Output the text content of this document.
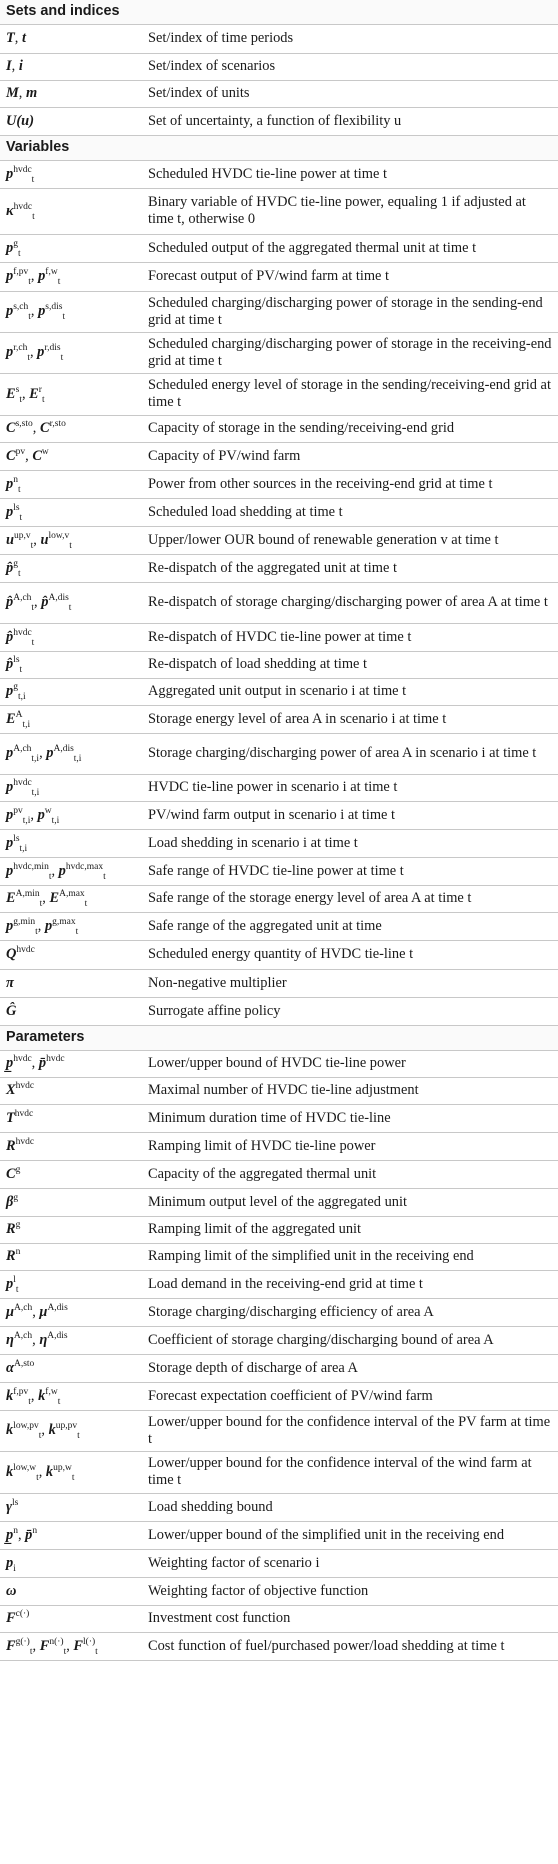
Sets and indices	
T, t	Set/index of time periods
I, i	Set/index of scenarios
M, m	Set/index of units
U(u)	Set of uncertainty, a function of flexibility u
Variables	
$p^{hvdc}_t$	Scheduled HVDC tie-line power at time t
$\kappa^{hvdc}_t$	Binary variable of HVDC tie-line power, equaling 1 if adjusted at time t, otherwise 0
$p^g_t$	Scheduled output of the aggregated thermal unit at time t
$p^{f,pv}_t$, $p^{f,w}_t$	Forecast output of PV/wind farm at time t
$p^{s,ch}_t$, $p^{s,dis}_t$	Scheduled charging/discharging power of storage in the sending-end grid at time t
$p^{r,ch}_t$, $p^{r,dis}_t$	Scheduled charging/discharging power of storage in the receiving-end grid at time t
$E^s_t$, $E^r_t$	Scheduled energy level of storage in the sending/receiving-end grid at time t
$C^{s,sto}$, $C^{r,sto}$	Capacity of storage in the sending/receiving-end grid
$C^{pv}$, $C^w$	Capacity of PV/wind farm
$p^n_t$	Power from other sources in the receiving-end grid at time t
$p^{ls}_t$	Scheduled load shedding at time t
$u^{up,v}_t$, $u^{low,v}_t$	Upper/lower OUR bound of renewable generation v at time t
p̂$^g_t$	Re-dispatch of the aggregated unit at time t
p̂$^{A,ch}_t$, p̂$^{A,dis}_t$	Re-dispatch of storage charging/discharging power of area A at time t
p̂$^{hvdc}_t$	Re-dispatch of HVDC tie-line power at time t
p̂$^{ls}_t$	Re-dispatch of load shedding at time t
$p^g_{t,i}$	Aggregated unit output in scenario i at time t
$E^A_{t,i}$	Storage energy level of area A in scenario i at time t
$p^{A,ch}_{t,i}$, $p^{A,dis}_{t,i}$	Storage charging/discharging power of area A in scenario i at time t
$p^{hvdc}_{t,i}$	HVDC tie-line power in scenario i at time t
$p^{pv}_{t,i}$, $p^w_{t,i}$	PV/wind farm output in scenario i at time t
$p^{ls}_{t,i}$	Load shedding in scenario i at time t
$p^{hvdc,min}_t$, $p^{hvdc,max}_t$	Safe range of HVDC tie-line power at time t
$E^{A,min}_t$, $E^{A,max}_t$	Safe range of the storage energy level of area A at time t
$p^{g,min}_t$, $p^{g,max}_t$	Safe range of the aggregated unit at time
$Q^{hvdc}$	Scheduled energy quantity of HVDC tie-line t
π	Non-negative multiplier
Ĝ	Surrogate affine policy
Parameters	
p̲$^{hvdc}$, p̄$^{hvdc}$	Lower/upper bound of HVDC tie-line power
$X^{hvdc}$	Maximal number of HVDC tie-line adjustment
$T^{hvdc}$	Minimum duration time of HVDC tie-line
$R^{hvdc}$	Ramping limit of HVDC tie-line power
$C^g$	Capacity of the aggregated thermal unit
$\beta^g$	Minimum output level of the aggregated unit
$R^g$	Ramping limit of the aggregated unit
$R^n$	Ramping limit of the simplified unit in the receiving end
$p^l_t$	Load demand in the receiving-end grid at time t
$\mu^{A,ch}$, $\mu^{A,dis}$	Storage charging/discharging efficiency of area A
$\eta^{A,ch}$, $\eta^{A,dis}$	Coefficient of storage charging/discharging bound of area A
$\alpha^{A,sto}$	Storage depth of discharge of area A
$k^{f,pv}_t$, $k^{f,w}_t$	Forecast expectation coefficient of PV/wind farm
$k^{low,pv}_t$, $k^{up,pv}_t$	Lower/upper bound for the confidence interval of the PV farm at time t
$k^{low,w}_t$, $k^{up,w}_t$	Lower/upper bound for the confidence interval of the wind farm at time t
$\gamma^{ls}$	Load shedding bound
p̲$^n$, p̄$^n$	Lower/upper bound of the simplified unit in the receiving end
$p_i$	Weighting factor of scenario i
ω	Weighting factor of objective function
$F^{c(\cdot)}$	Investment cost function
$F^{g(\cdot)}_t$, $F^{n(\cdot)}_t$, $F^{l(\cdot)}_t$	Cost function of fuel/purchased power/load shedding at time t
